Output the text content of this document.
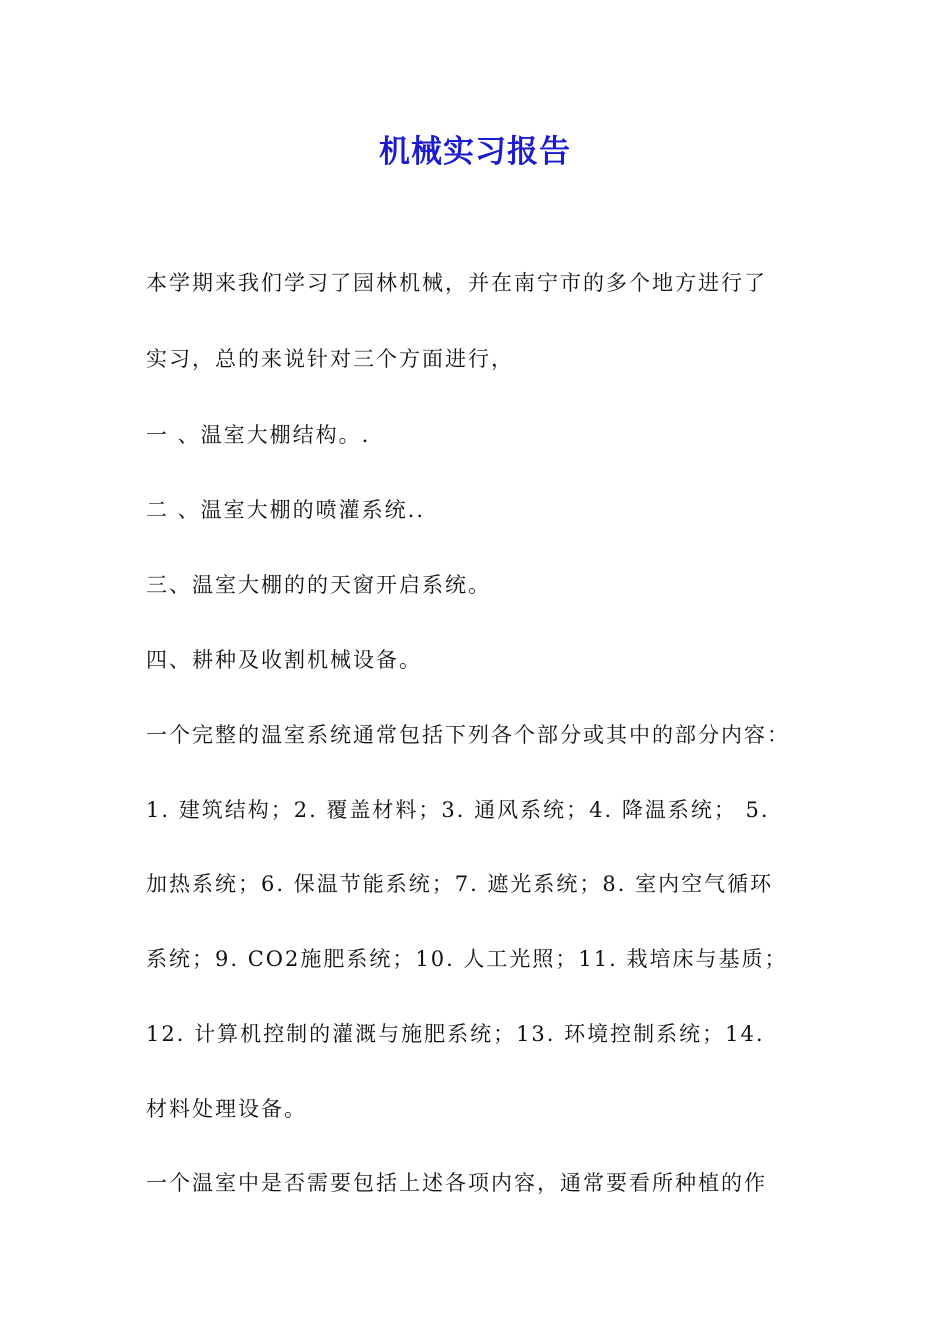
机械实习报告

本学期来我们学习了园林机械，并在南宁市的多个地方进行了

实习，总的来说针对三个方面进行，

一 、温室大棚结构。.

二 、温室大棚的喷灌系统..

三、温室大棚的的天窗开启系统。

四、耕种及收割机械设备。

一个完整的温室系统通常包括下列各个部分或其中的部分内容：

1. 建筑结构；2. 覆盖材料；3. 通风系统；4. 降温系统； 5.

加热系统；6. 保温节能系统；7. 遮光系统；8. 室内空气循环

系统；9. CO2施肥系统；10. 人工光照；11. 栽培床与基质；

12. 计算机控制的灌溉与施肥系统；13. 环境控制系统；14.

材料处理设备。

一个温室中是否需要包括上述各项内容，通常要看所种植的作
